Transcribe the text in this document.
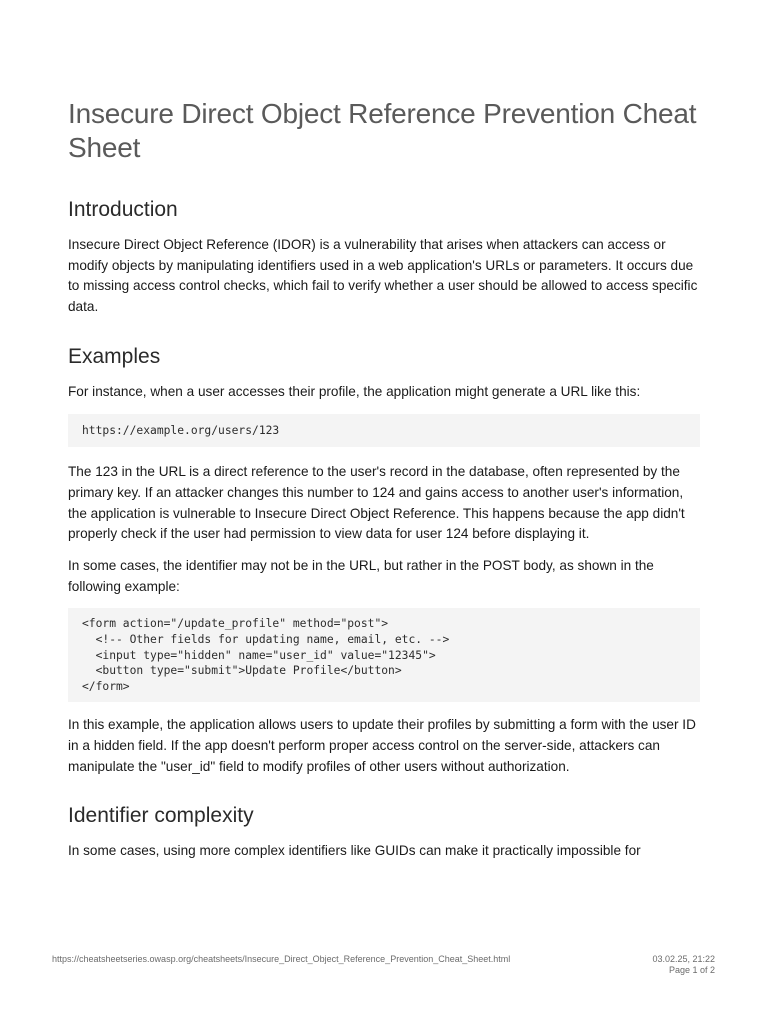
Insecure Direct Object Reference Prevention Cheat Sheet
Introduction

Insecure Direct Object Reference (IDOR) is a vulnerability that arises when attackers can access or modify objects by manipulating identifiers used in a web application's URLs or parameters. It occurs due to missing access control checks, which fail to verify whether a user should be allowed to access specific data.

Examples

For instance, when a user accesses their profile, the application might generate a URL like this:

https://example.org/users/123

The 123 in the URL is a direct reference to the user's record in the database, often represented by the primary key. If an attacker changes this number to 124 and gains access to another user's information, the application is vulnerable to Insecure Direct Object Reference. This happens because the app didn't properly check if the user had permission to view data for user 124 before displaying it.

In some cases, the identifier may not be in the URL, but rather in the POST body, as shown in the following example:

<form action="/update_profile" method="post">
<!-- Other fields for updating name, email, etc. -->
<input type="hidden" name="user_id" value="12345">
<button type="submit">Update Profile</button>
</form>

In this example, the application allows users to update their profiles by submitting a form with the user ID in a hidden field. If the app doesn't perform proper access control on the server-side, attackers can manipulate the "user_id" field to modify profiles of other users without authorization.

Identifier complexity

In some cases, using more complex identifiers like GUIDs can make it practically impossible for

https://cheatsheetseries.owasp.org/cheatsheets/Insecure_Direct_Object_Reference_Prevention_Cheat_Sheet.html	03.02.25, 21:22
Page 1 of 2
